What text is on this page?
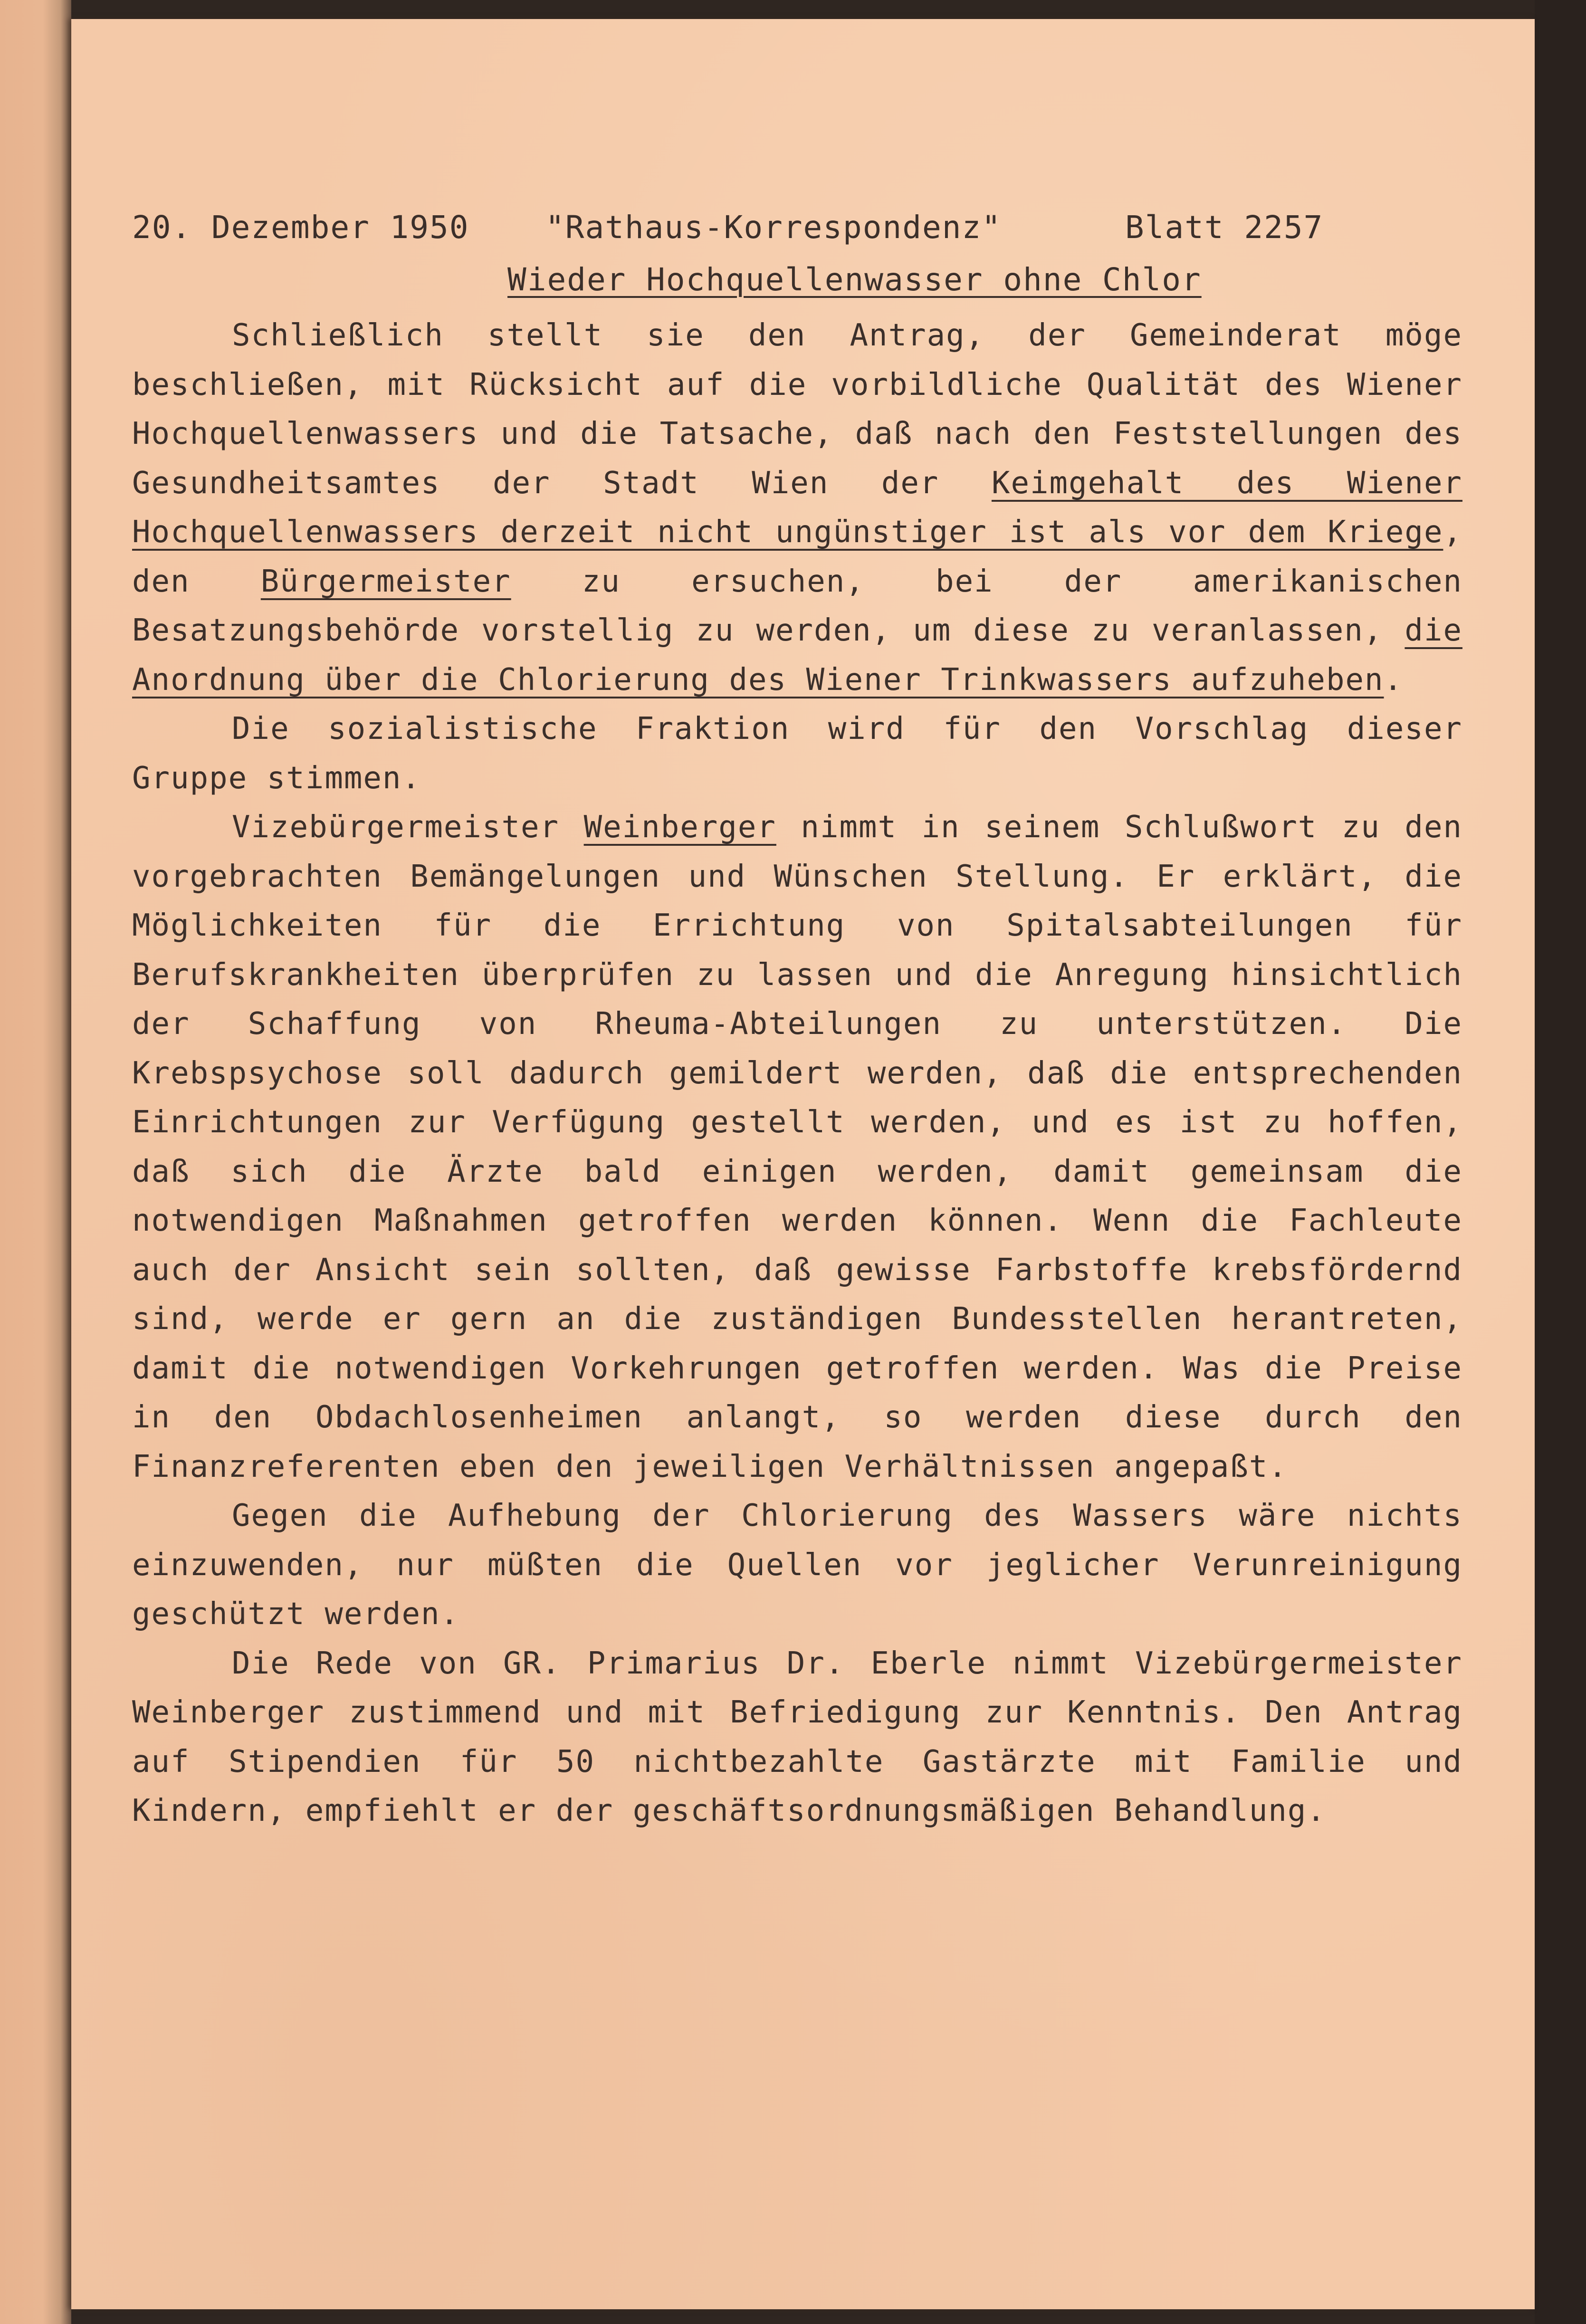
20. Dezember 1950 "Rathaus-Korrespondenz"	Blatt 2257
Wieder Hochquellenwasser ohne Chlor

Schließlich stellt sie den Antrag, der Gemeinderat möge beschließen, mit Rücksicht auf die vorbildliche Qualität des Wiener Hochquellenwassers und die Tatsache, daß nach den Feststellungen des Gesundheitsamtes der Stadt Wien der Keimgehalt des Wiener Hochquellenwassers derzeit nicht ungünstiger ist als vor dem Kriege, den Bürgermeister zu ersuchen, bei der amerikanischen Besatzungsbehörde vorstellig zu werden, um diese zu veranlassen, die Anordnung über die Chlorierung des Wiener Trinkwassers aufzuheben.

Die sozialistische Fraktion wird für den Vorschlag dieser Gruppe stimmen.

Vizebürgermeister Weinberger nimmt in seinem Schlußwort zu den vorgebrachten Bemängelungen und Wünschen Stellung. Er erklärt, die Möglichkeiten für die Errichtung von Spitalsabteilungen für Berufskrankheiten überprüfen zu lassen und die Anregung hinsichtlich der Schaffung von Rheuma-Abteilungen zu unterstützen. Die Krebspsychose soll dadurch gemildert werden, daß die entsprechenden Einrichtungen zur Verfügung gestellt werden, und es ist zu hoffen, daß sich die Ärzte bald einigen werden, damit gemeinsam die notwendigen Maßnahmen getroffen werden können. Wenn die Fachleute auch der Ansicht sein sollten, daß gewisse Farbstoffe krebsfördernd sind, werde er gern an die zuständigen Bundesstellen herantreten, damit die notwendigen Vorkehrungen getroffen werden. Was die Preise in den Obdachlosenheimen anlangt, so werden diese durch den Finanzreferenten eben den jeweiligen Verhältnissen angepaßt.

Gegen die Aufhebung der Chlorierung des Wassers wäre nichts einzuwenden, nur müßten die Quellen vor jeglicher Verunreinigung geschützt werden.

Die Rede von GR. Primarius Dr. Eberle nimmt Vizebürgermeister Weinberger zustimmend und mit Befriedigung zur Kenntnis. Den Antrag auf Stipendien für 50 nichtbezahlte Gastärzte mit Familie und Kindern, empfiehlt er der geschäftsordnungsmäßigen Behandlung.
